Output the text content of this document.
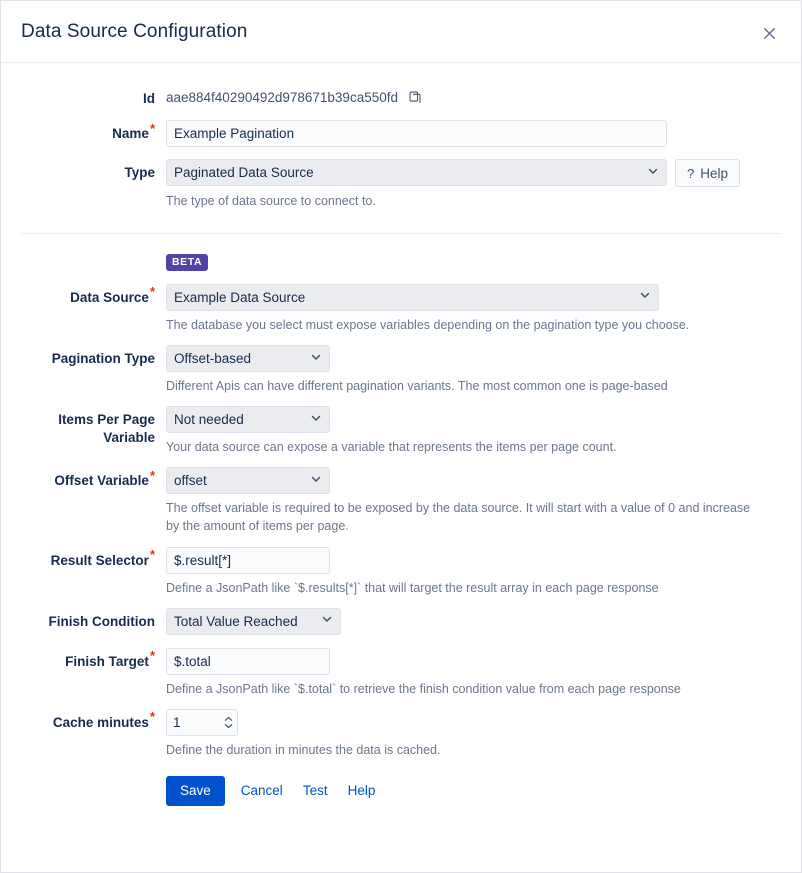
Data Source Configuration
Id aae884f40290492d978671b39ca550fd
Name*
Example Pagination
Type
Paginated Data Source	? Help
The type of data source to connect to.
BETA
Data Source*
Example Data Source
The database you select must expose variables depending on the pagination type you choose.
Pagination Type
Offset-based
Different Apis can have different pagination variants. The most common one is page-based
Items Per Page Variable
Not needed
Your data source can expose a variable that represents the items per page count.
Offset Variable*
offset
The offset variable is required to be exposed by the data source. It will start with a value of 0 and increase by the amount of items per page.
Result Selector*
$.result[*]
Define a JsonPath like `$.results[*]` that will target the result array in each page response
Finish Condition
Total Value Reached
Finish Target*
$.total
Define a JsonPath like `$.total` to retrieve the finish condition value from each page response
Cache minutes*
1
Define the duration in minutes the data is cached.
Save	Cancel	Test	Help
